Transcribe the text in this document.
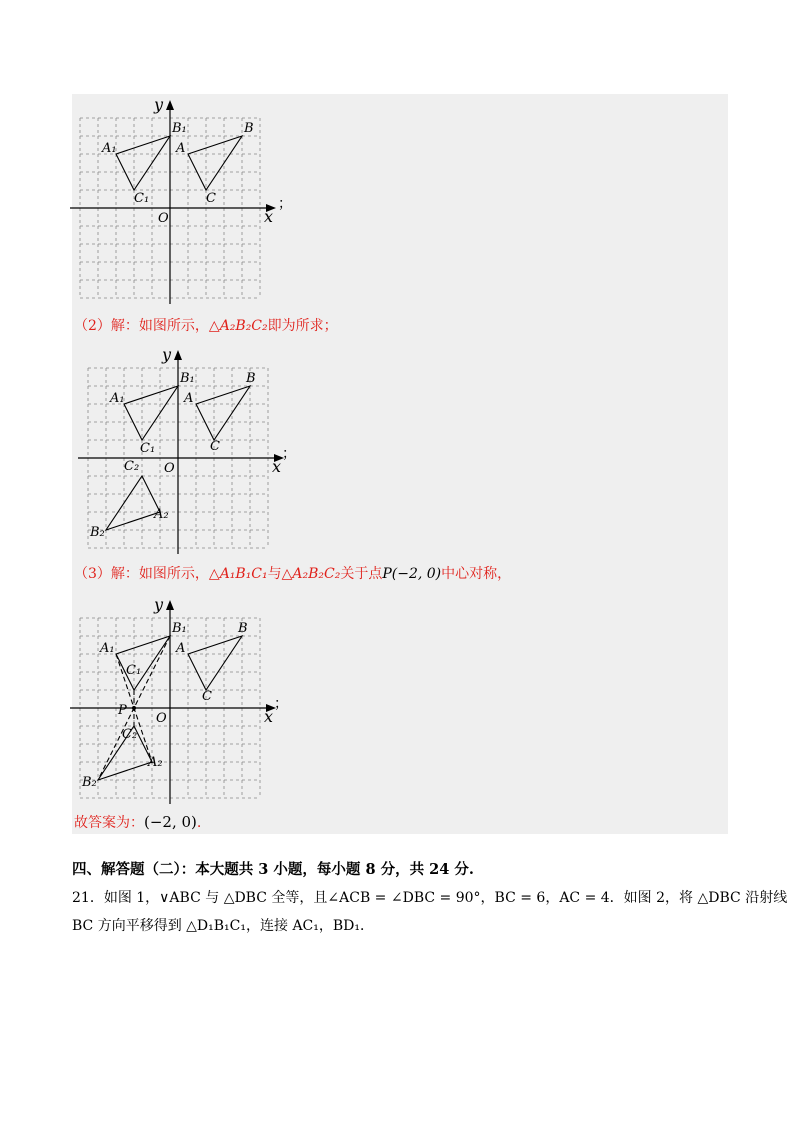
y
x
O
A₁
B₁
C₁
A
B
C	；
（2）解：如图所示，△A₂B₂C₂即为所求；
y
x
O
A₁
B₁
C₁
A
B
C
C₂
A₂
B₂
；
（3）解：如图所示，△A₁B₁C₁与△A₂B₂C₂关于点P(−2, 0)中心对称，
y
x
O
A₁
B₁
C₁
A
B
C
P
C₂
A₂
B₂
；
故答案为：(−2, 0).
四、解答题（二）：本大题共 3 小题，每小题 8 分，共 24 分.
21．如图 1，∨ABC 与 △DBC 全等，且∠ACB = ∠DBC = 90°，BC = 6，AC = 4．如图 2，将 △DBC 沿射线
BC 方向平移得到 △D₁B₁C₁，连接 AC₁，BD₁．
